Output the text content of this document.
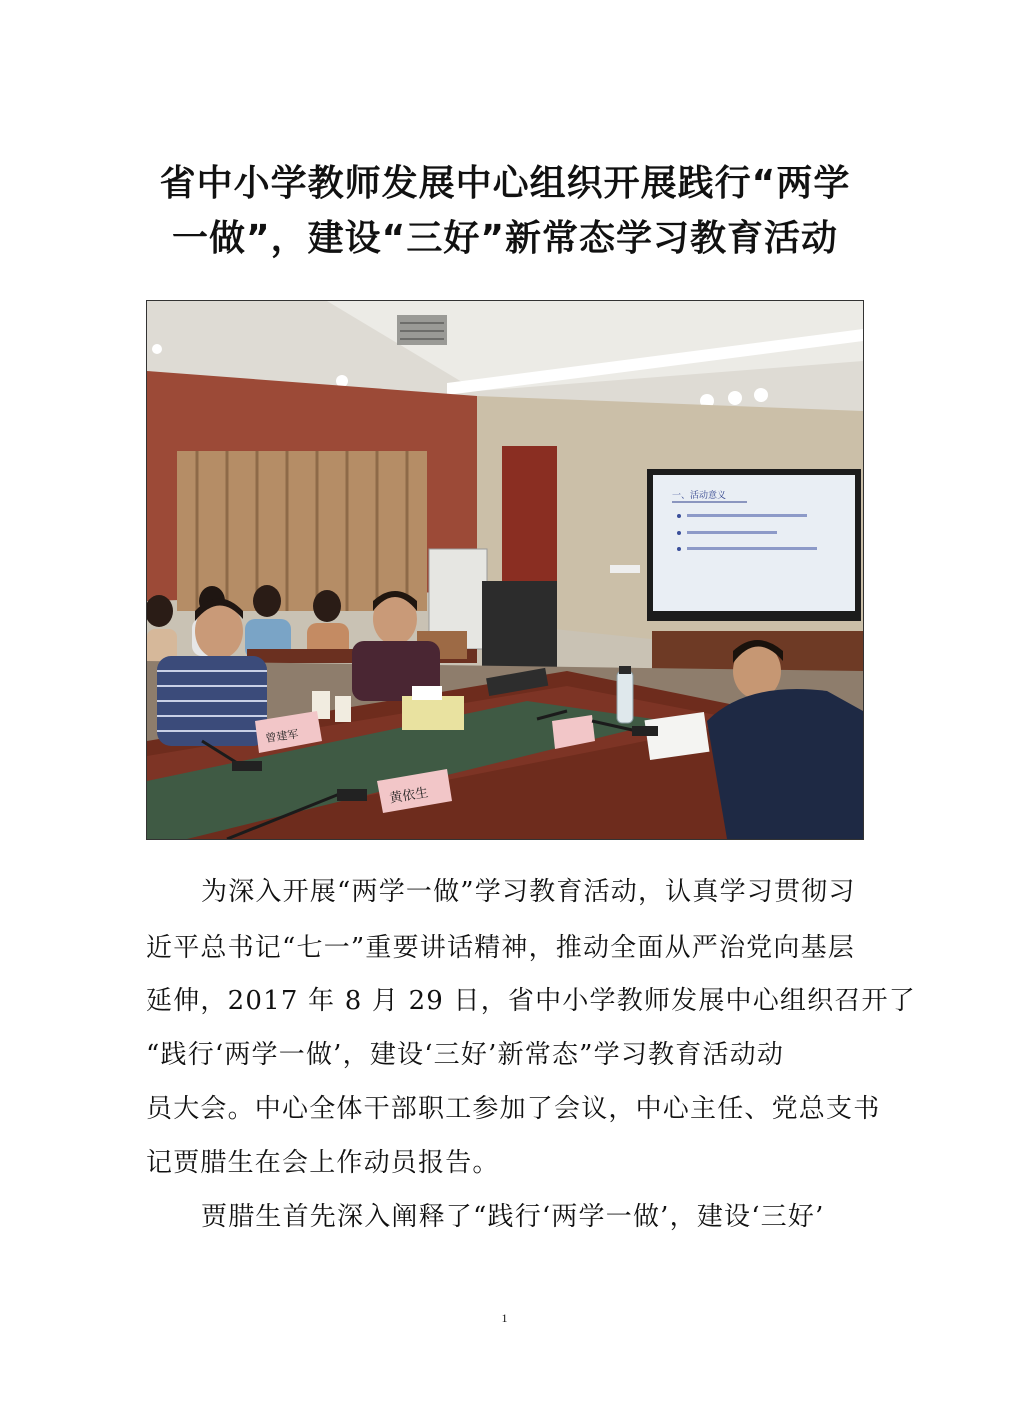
省中小学教师发展中心组织开展践行“两学
一做”，建设“三好”新常态学习教育活动
一、活动意义
曾建军
黄依生

为深入开展“两学一做”学习教育活动，认真学习贯彻习

近平总书记“七一”重要讲话精神，推动全面从严治党向基层

延伸，2017 年 8 月 29 日，省中小学教师发展中心组织召开了

“践行‘两学一做’，建设‘三好’新常态”学习教育活动动

员大会。中心全体干部职工参加了会议，中心主任、党总支书

记贾腊生在会上作动员报告。

贾腊生首先深入阐释了“践行‘两学一做’，建设‘三好’

1
